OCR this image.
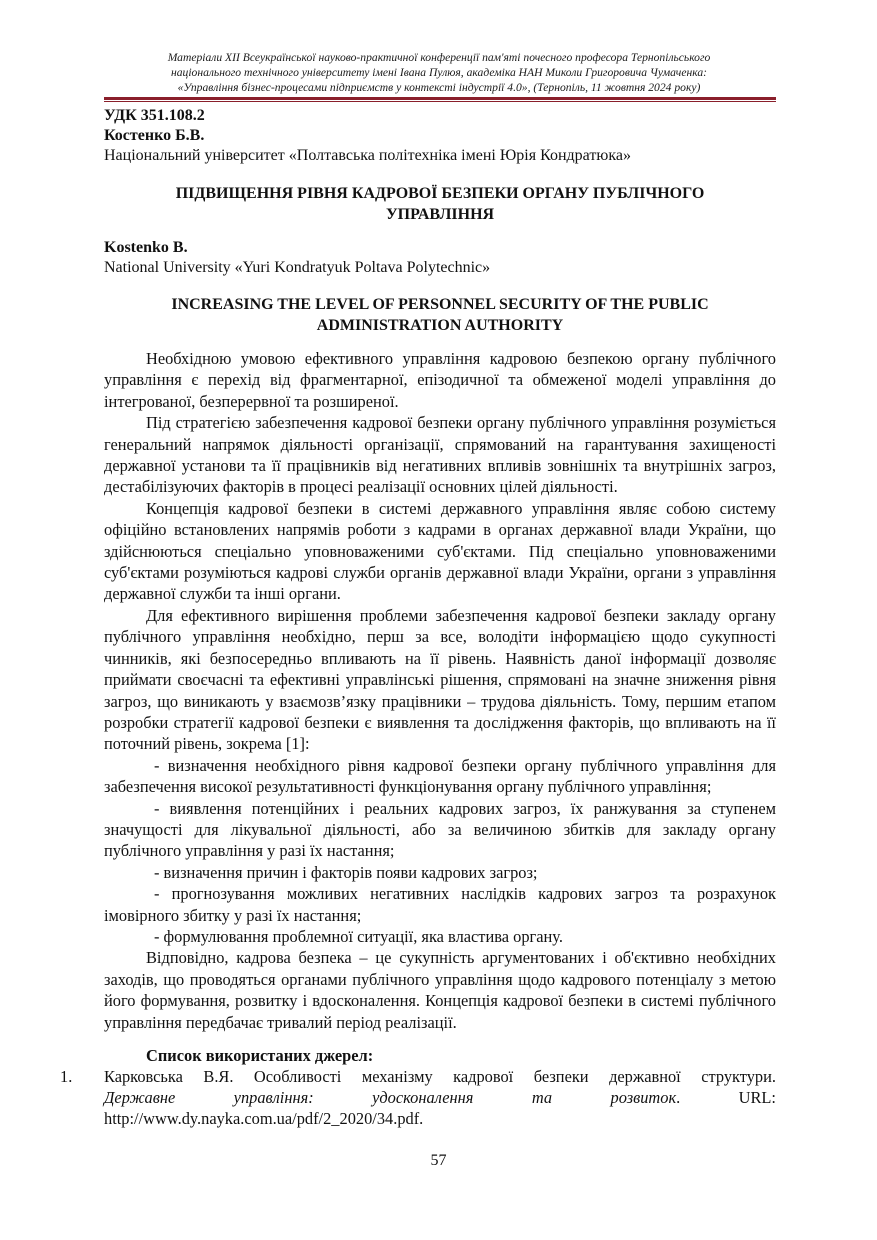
Матеріали XII Всеукраїнської науково-практичної конференції пам'яті почесного професора Тернопільського
національного технічного університету імені Івана Пулюя, академіка НАН Миколи Григоровича Чумаченка:
«Управління бізнес-процесами підприємств у контексті індустрії 4.0», (Тернопіль, 11 жовтня 2024 року)
УДК 351.108.2
Костенко Б.В.
Національний університет «Полтавська політехніка імені Юрія Кондратюка»
ПІДВИЩЕННЯ РІВНЯ КАДРОВОЇ БЕЗПЕКИ ОРГАНУ ПУБЛІЧНОГО
УПРАВЛІННЯ
Kostenko B.
National University «Yuri Kondratyuk Poltava Polytechnic»
INCREASING THE LEVEL OF PERSONNEL SECURITY OF THE PUBLIC
ADMINISTRATION AUTHORITY

Необхідною умовою ефективного управління кадровою безпекою органу публічного управління є перехід від фрагментарної, епізодичної та обмеженої моделі управління до інтегрованої, безперервної та розширеної.

Під стратегією забезпечення кадрової безпеки органу публічного управління розуміється генеральний напрямок діяльності організації, спрямований на гарантування захищеності державної установи та її працівників від негативних впливів зовнішніх та внутрішніх загроз, дестабілізуючих факторів в процесі реалізації основних цілей діяльності.

Концепція кадрової безпеки в системі державного управління являє собою систему офіційно встановлених напрямів роботи з кадрами в органах державної влади України, що здійснюються спеціально уповноваженими суб'єктами. Під спеціально уповноваженими суб'єктами розуміються кадрові служби органів державної влади України, органи з управління державної служби та інші органи.

Для ефективного вирішення проблеми забезпечення кадрової безпеки закладу органу публічного управління необхідно, перш за все, володіти інформацією щодо сукупності чинників, які безпосередньо впливають на її рівень. Наявність даної інформації дозволяє приймати своєчасні та ефективні управлінські рішення, спрямовані на значне зниження рівня загроз, що виникають у взаємозв’язку працівники – трудова діяльність. Тому, першим етапом розробки стратегії кадрової безпеки є виявлення та дослідження факторів, що впливають на її поточний рівень, зокрема [1]:

- визначення необхідного рівня кадрової безпеки органу публічного управління для забезпечення високої результативності функціонування органу публічного управління;

- виявлення потенційних і реальних кадрових загроз, їх ранжування за ступенем значущості для лікувальної діяльності, або за величиною збитків для закладу органу публічного управління у разі їх настання;

- визначення причин і факторів появи кадрових загроз;

- прогнозування можливих негативних наслідків кадрових загроз та розрахунок імовірного збитку у разі їх настання;

- формулювання проблемної ситуації, яка властива органу.

Відповідно, кадрова безпека – це сукупність аргументованих і об'єктивно необхідних заходів, що проводяться органами публічного управління щодо кадрового потенціалу з метою його формування, розвитку і вдосконалення. Концепція кадрової безпеки в системі публічного управління передбачає тривалий період реалізації.

Список використаних джерел:
1.	Карковська В.Я. Особливості механізму кадрової безпеки державної структури.
Державне управління: удосконалення та розвиток. URL:
http://www.dy.nayka.com.ua/pdf/2_2020/34.pdf.
57
